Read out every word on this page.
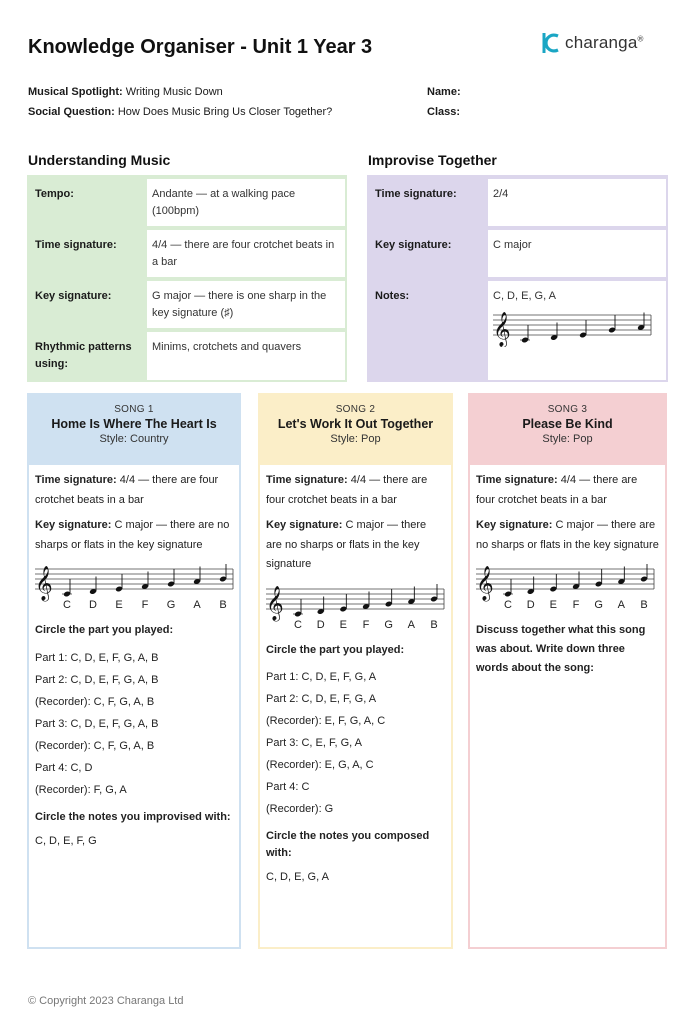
Knowledge Organiser - Unit 1 Year 3	charanga®
Musical Spotlight: Writing Music Down
Social Question: How Does Music Bring Us Closer Together?
Name:
Class:
Understanding Music
Tempo:	Andante — at a walking pace (100bpm)
Time signature:	4/4 — there are four crotchet beats in a bar
Key signature:	G major — there is one sharp in the key signature (♯)
Rhythmic patterns using:
Minims, crotchets and quavers
Improvise Together
Time signature:	2/4
Key signature:	C major
Notes:	C, D, E, G, A
𝄞
SONG 1
Home Is Where The Heart Is
Style: Country
Time signature: 4/4 — there are four crotchet beats in a bar
Key signature: C major — there are no sharps or flats in the key signature
𝄞
C D E F G A B
Circle the part you played:
Part 1: C, D, E, F, G, A, B
Part 2: C, D, E, F, G, A, B
(Recorder): C, F, G, A, B
Part 3: C, D, E, F, G, A, B
(Recorder): C, F, G, A, B
Part 4: C, D
(Recorder): F, G, A
Circle the notes you improvised with:
C, D, E, F, G
SONG 2
Let's Work It Out Together
Style: Pop
Time signature: 4/4 — there are four crotchet beats in a bar
Key signature: C major — there are no sharps or flats in the key signature
𝄞
C D E F G A B
Circle the part you played:
Part 1: C, D, E, F, G, A
Part 2: C, D, E, F, G, A
(Recorder): E, F, G, A, C
Part 3: C, E, F, G, A
(Recorder): E, G, A, C
Part 4: C
(Recorder): G
Circle the notes you composed with:
C, D, E, G, A
SONG 3
Please Be Kind
Style: Pop
Time signature: 4/4 — there are four crotchet beats in a bar
Key signature: C major — there are no sharps or flats in the key signature
𝄞
C D E F G A B
Discuss together what this song was about. Write down three words about the song:
© Copyright 2023 Charanga Ltd
